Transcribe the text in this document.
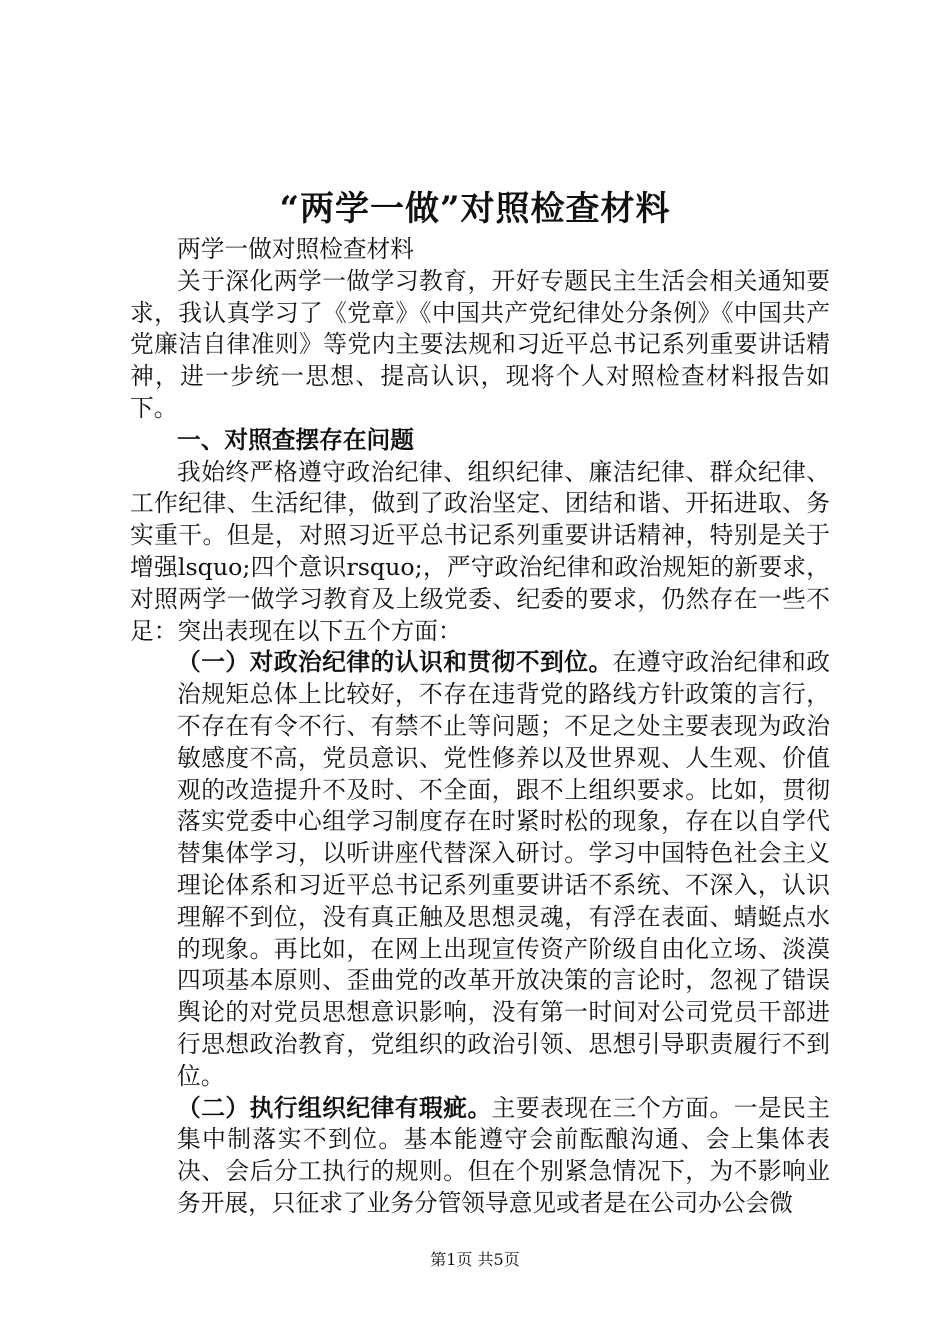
“两学一做”对照检查材料

两学一做对照检查材料

关于深化两学一做学习教育，开好专题民主生活会相关通知要求，我认真学习了《党章》《中国共产党纪律处分条例》《中国共产党廉洁自律准则》等党内主要法规和习近平总书记系列重要讲话精神，进一步统一思想、提高认识，现将个人对照检查材料报告如下。

一、对照查摆存在问题

我始终严格遵守政治纪律、组织纪律、廉洁纪律、群众纪律、工作纪律、生活纪律，做到了政治坚定、团结和谐、开拓进取、务实重干。但是，对照习近平总书记系列重要讲话精神，特别是关于增强lsquo;四个意识rsquo;，严守政治纪律和政治规矩的新要求，对照两学一做学习教育及上级党委、纪委的要求，仍然存在一些不足：突出表现在以下五个方面：

（一）对政治纪律的认识和贯彻不到位。在遵守政治纪律和政治规矩总体上比较好，不存在违背党的路线方针政策的言行，不存在有令不行、有禁不止等问题；不足之处主要表现为政治敏感度不高，党员意识、党性修养以及世界观、人生观、价值观的改造提升不及时、不全面，跟不上组织要求。比如，贯彻落实党委中心组学习制度存在时紧时松的现象，存在以自学代替集体学习，以听讲座代替深入研讨。学习中国特色社会主义理论体系和习近平总书记系列重要讲话不系统、不深入，认识理解不到位，没有真正触及思想灵魂，有浮在表面、蜻蜓点水的现象。再比如，在网上出现宣传资产阶级自由化立场、淡漠四项基本原则、歪曲党的改革开放决策的言论时，忽视了错误舆论的对党员思想意识影响，没有第一时间对公司党员干部进行思想政治教育，党组织的政治引领、思想引导职责履行不到位。

（二）执行组织纪律有瑕疵。主要表现在三个方面。一是民主集中制落实不到位。基本能遵守会前酝酿沟通、会上集体表决、会后分工执行的规则。但在个别紧急情况下，为不影响业务开展，只征求了业务分管领导意见或者是在公司办公会微

第1页 共5页
